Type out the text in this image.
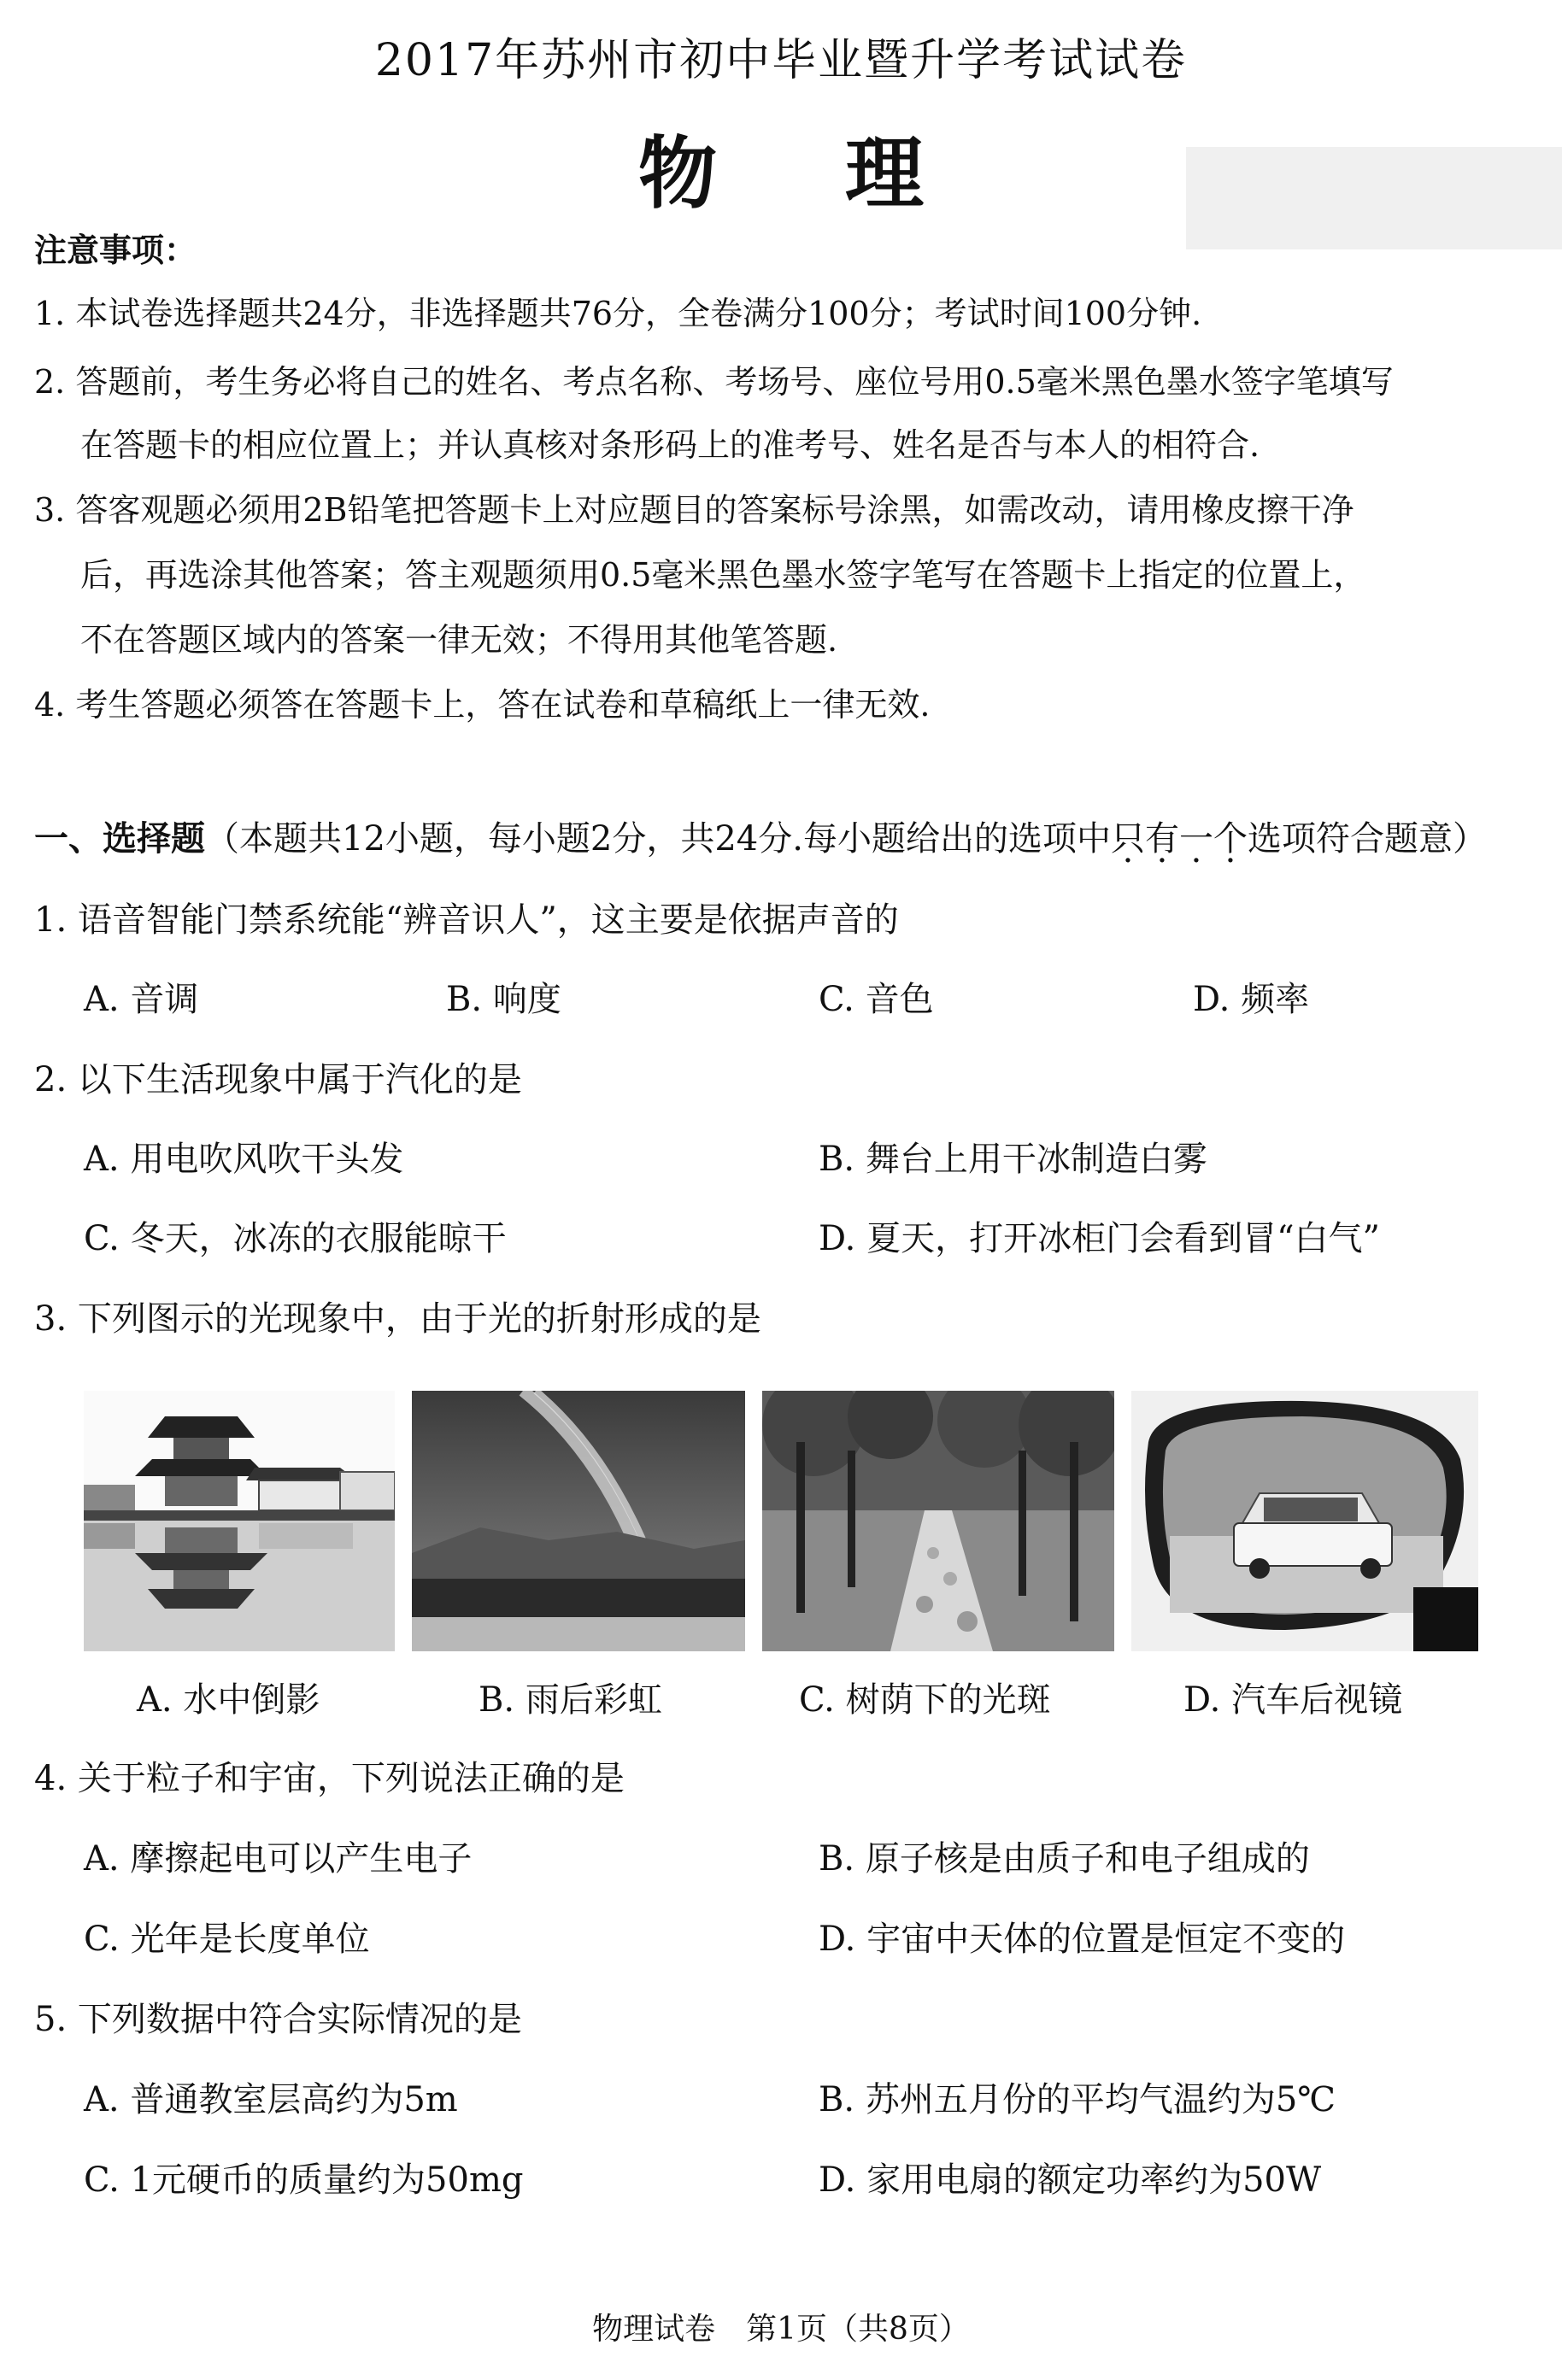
2017年苏州市初中毕业暨升学考试试卷
物理
注意事项：
1. 本试卷选择题共24分，非选择题共76分，全卷满分100分；考试时间100分钟.
2. 答题前，考生务必将自己的姓名、考点名称、考场号、座位号用0.5毫米黑色墨水签字笔填写
在答题卡的相应位置上；并认真核对条形码上的准考号、姓名是否与本人的相符合.
3. 答客观题必须用2B铅笔把答题卡上对应题目的答案标号涂黑，如需改动，请用橡皮擦干净
后，再选涂其他答案；答主观题须用0.5毫米黑色墨水签字笔写在答题卡上指定的位置上，
不在答题区域内的答案一律无效；不得用其他笔答题.
4. 考生答题必须答在答题卡上，答在试卷和草稿纸上一律无效.
一、选择题（本题共12小题，每小题2分，共24分.每小题给出的选项中只有一个选项符合题意）
1. 语音智能门禁系统能“辨音识人”，这主要是依据声音的
A. 音调	B. 响度	C. 音色	D. 频率
2. 以下生活现象中属于汽化的是
A. 用电吹风吹干头发	B. 舞台上用干冰制造白雾
C. 冬天，冰冻的衣服能晾干	D. 夏天，打开冰柜门会看到冒“白气”
3. 下列图示的光现象中，由于光的折射形成的是
A. 水中倒影	B. 雨后彩虹	C. 树荫下的光斑	D. 汽车后视镜
4. 关于粒子和宇宙，下列说法正确的是
A. 摩擦起电可以产生电子	B. 原子核是由质子和电子组成的
C. 光年是长度单位	D. 宇宙中天体的位置是恒定不变的
5. 下列数据中符合实际情况的是
A. 普通教室层高约为5m	B. 苏州五月份的平均气温约为5℃
C. 1元硬币的质量约为50mg	D. 家用电扇的额定功率约为50W
物理试卷　第1页（共8页）
